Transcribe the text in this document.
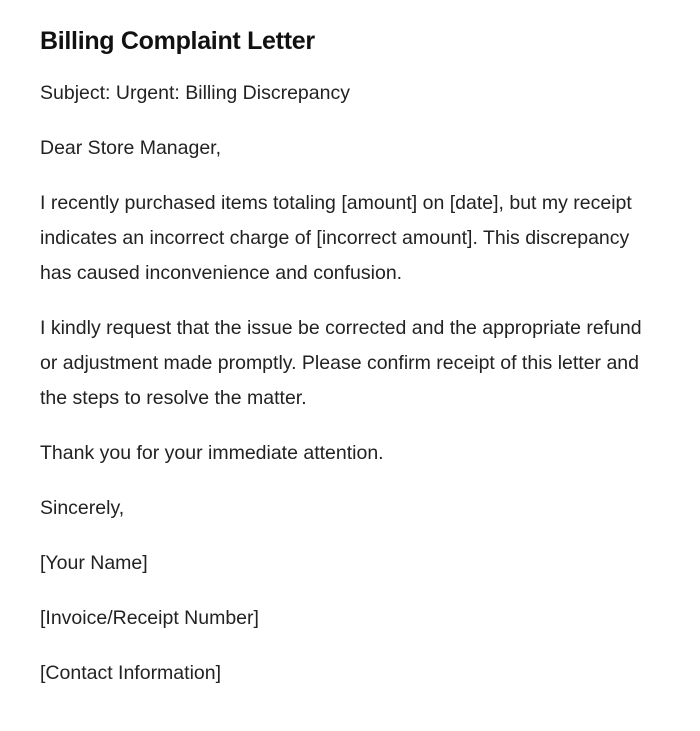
Billing Complaint Letter

Subject: Urgent: Billing Discrepancy

Dear Store Manager,

I recently purchased items totaling [amount] on [date], but my receipt indicates an incorrect charge of [incorrect amount]. This discrepancy has caused inconvenience and confusion.

I kindly request that the issue be corrected and the appropriate refund or adjustment made promptly. Please confirm receipt of this letter and the steps to resolve the matter.

Thank you for your immediate attention.

Sincerely,

[Your Name]

[Invoice/Receipt Number]

[Contact Information]
